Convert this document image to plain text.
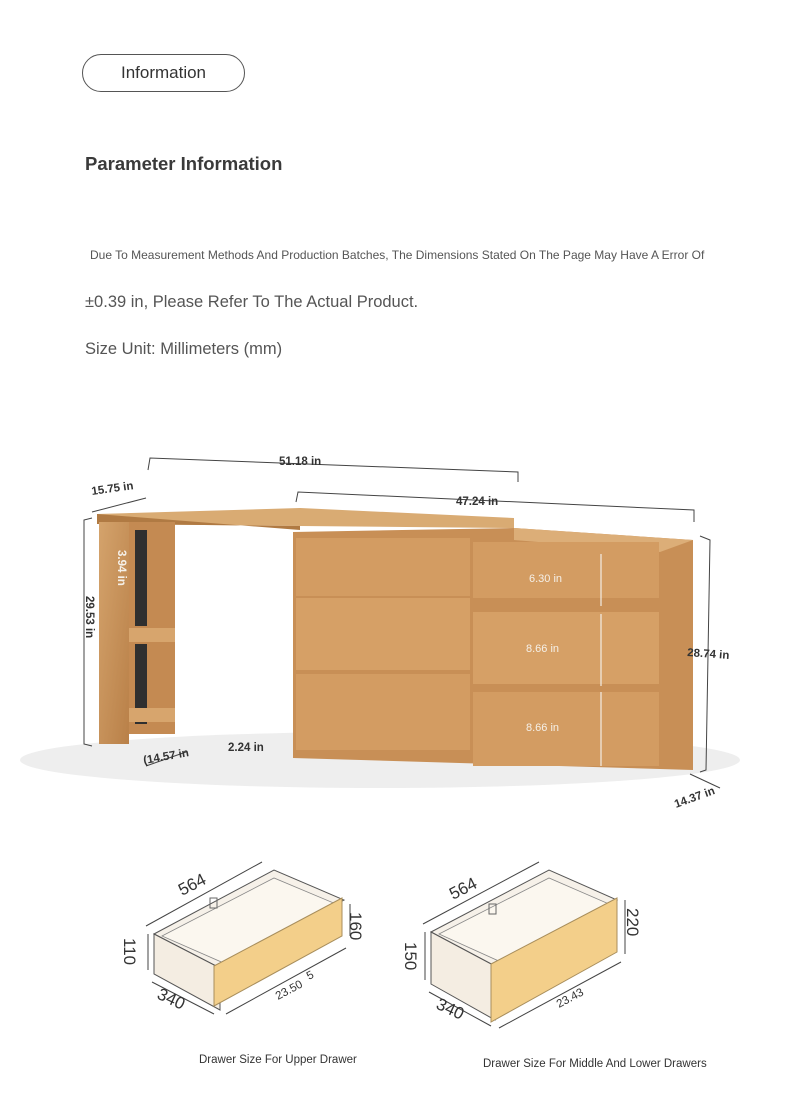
Information
Parameter Information
Due To Measurement Methods And Production Batches, The Dimensions Stated On The Page May Have A Error Of
±0.39 in, Please Refer To The Actual Product.
Size Unit: Millimeters (mm)
51.18 in
47.24 in
15.75 in
3.94 in
29.53 in
6.30 in
8.66 in
8.66 in
28.74 in
(14.57 in	2.24 in
14.37 in
564
160
110
340	23.50
5
564
220
150
340	23.43
Drawer Size For Upper Drawer	Drawer Size For Middle And Lower Drawers
